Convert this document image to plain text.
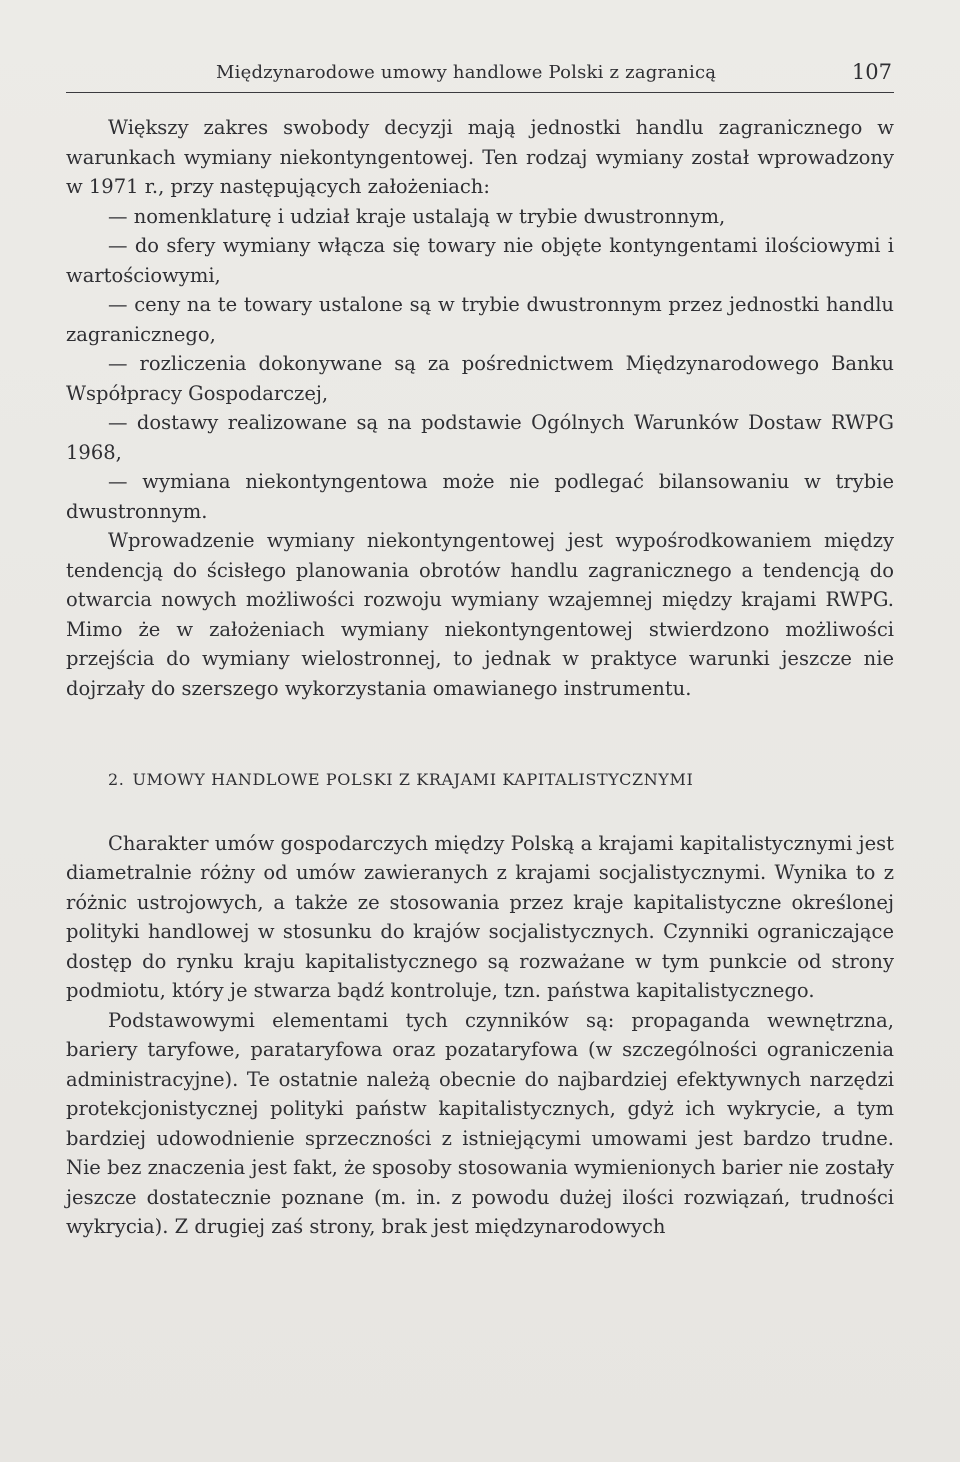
Międzynarodowe umowy handlowe Polski z zagranicą	107

Większy zakres swobody decyzji mają jednostki handlu zagranicznego w warunkach wymiany niekontyngentowej. Ten rodzaj wymiany został wprowadzony w 1971 r., przy następujących założeniach:

— nomenklaturę i udział kraje ustalają w trybie dwustronnym,

— do sfery wymiany włącza się towary nie objęte kontyngentami ilościowymi i wartościowymi,

— ceny na te towary ustalone są w trybie dwustronnym przez jednostki handlu zagranicznego,

— rozliczenia dokonywane są za pośrednictwem Międzynarodowego Banku Współpracy Gospodarczej,

— dostawy realizowane są na podstawie Ogólnych Warunków Dostaw RWPG 1968,

— wymiana niekontyngentowa może nie podlegać bilansowaniu w trybie dwustronnym.

Wprowadzenie wymiany niekontyngentowej jest wypośrodkowaniem między tendencją do ścisłego planowania obrotów handlu zagranicznego a tendencją do otwarcia nowych możliwości rozwoju wymiany wzajemnej między krajami RWPG. Mimo że w założeniach wymiany niekontyngentowej stwierdzono możliwości przejścia do wymiany wielostronnej, to jednak w praktyce warunki jeszcze nie dojrzały do szerszego wykorzystania omawianego instrumentu.

2. UMOWY HANDLOWE POLSKI Z KRAJAMI KAPITALISTYCZNYMI

Charakter umów gospodarczych między Polską a krajami kapitalistycznymi jest diametralnie różny od umów zawieranych z krajami socjalistycznymi. Wynika to z różnic ustrojowych, a także ze stosowania przez kraje kapitalistyczne określonej polityki handlowej w stosunku do krajów socjalistycznych. Czynniki ograniczające dostęp do rynku kraju kapitalistycznego są rozważane w tym punkcie od strony podmiotu, który je stwarza bądź kontroluje, tzn. państwa kapitalistycznego.

Podstawowymi elementami tych czynników są: propaganda wewnętrzna, bariery taryfowe, parataryfowa oraz pozataryfowa (w szczególności ograniczenia administracyjne). Te ostatnie należą obecnie do najbardziej efektywnych narzędzi protekcjonistycznej polityki państw kapitalistycznych, gdyż ich wykrycie, a tym bardziej udowodnienie sprzeczności z istniejącymi umowami jest bardzo trudne. Nie bez znaczenia jest fakt, że sposoby stosowania wymienionych barier nie zostały jeszcze dostatecznie poznane (m. in. z powodu dużej ilości rozwiązań, trudności wykrycia). Z drugiej zaś strony, brak jest międzynarodowych
